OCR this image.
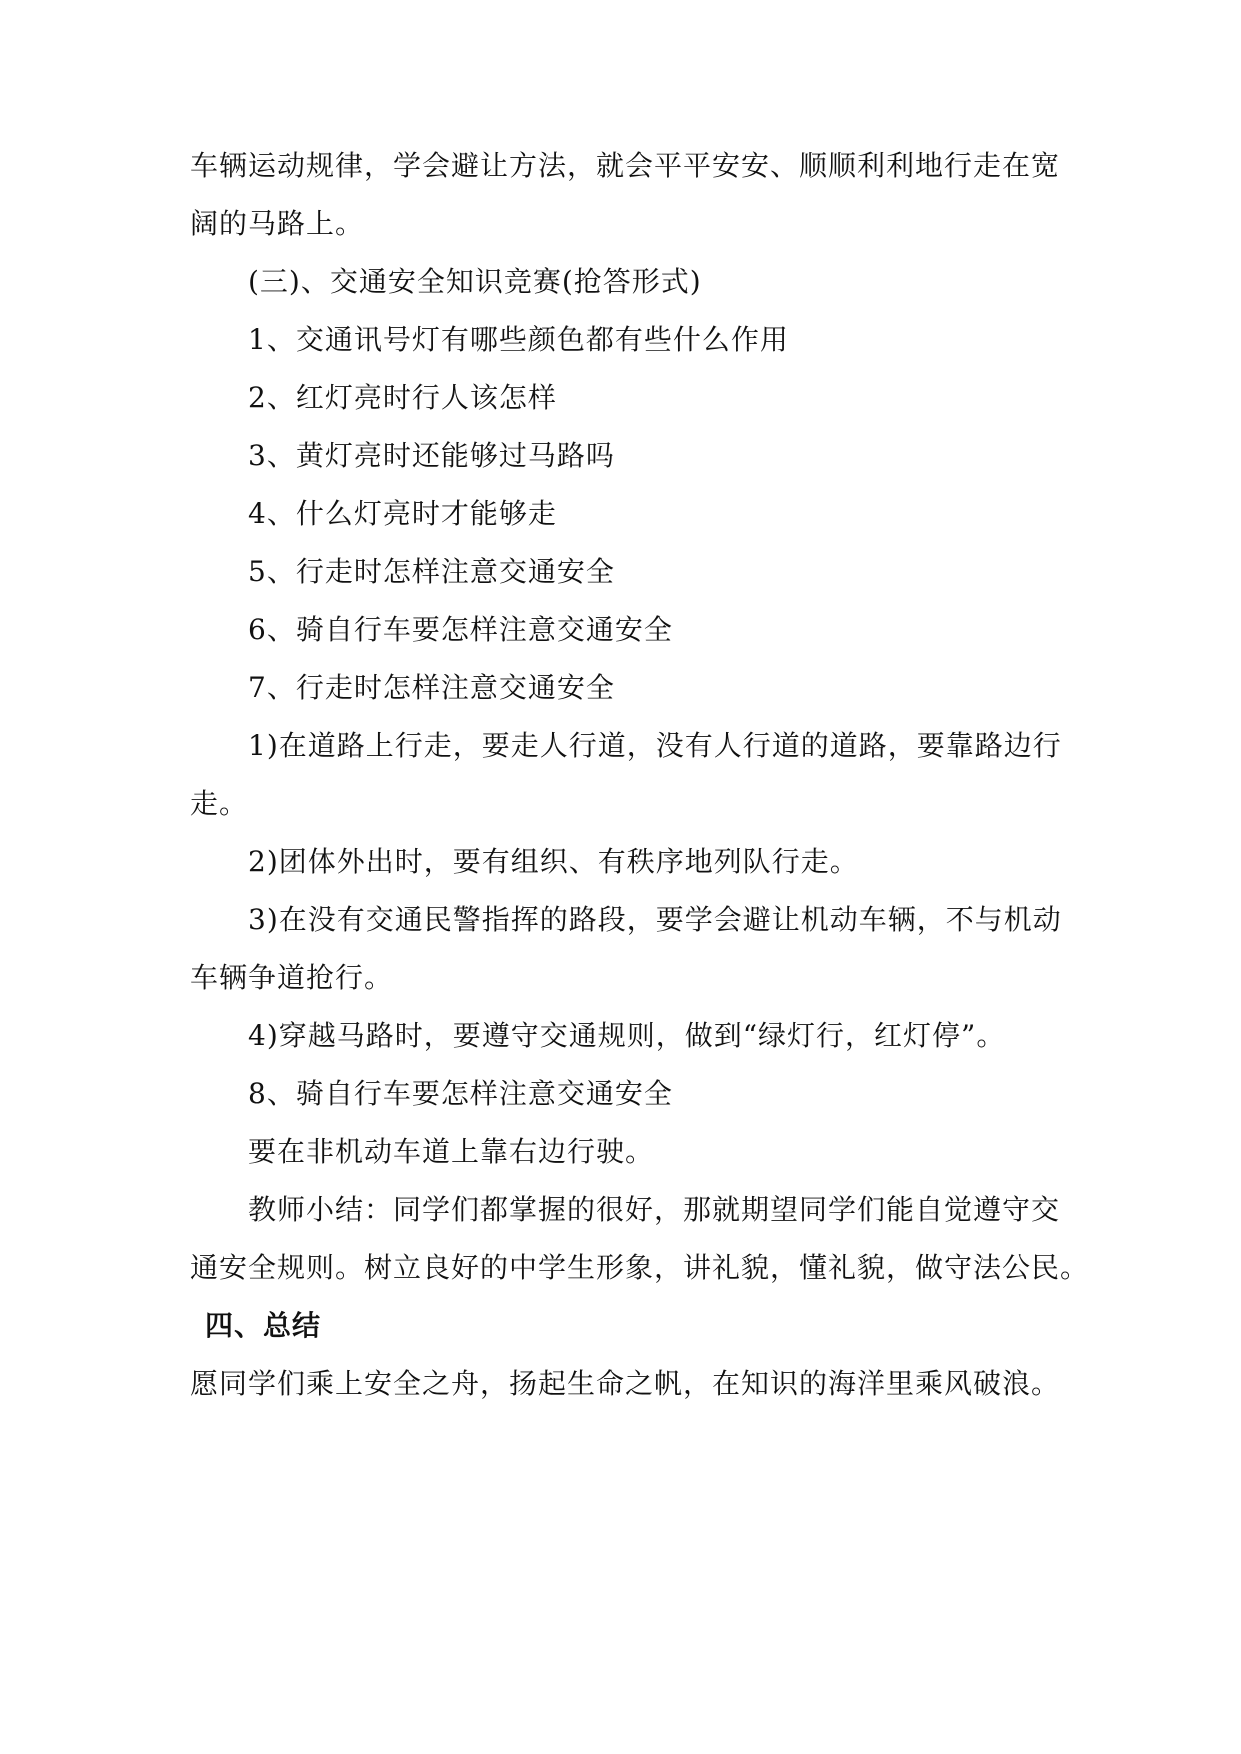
车辆运动规律，学会避让方法，就会平平安安、顺顺利利地行走在宽
阔的马路上。
(三)、交通安全知识竞赛(抢答形式)
1、交通讯号灯有哪些颜色都有些什么作用
2、红灯亮时行人该怎样
3、黄灯亮时还能够过马路吗
4、什么灯亮时才能够走
5、行走时怎样注意交通安全
6、骑自行车要怎样注意交通安全
7、行走时怎样注意交通安全
1)在道路上行走，要走人行道，没有人行道的道路，要靠路边行
走。
2)团体外出时，要有组织、有秩序地列队行走。
3)在没有交通民警指挥的路段，要学会避让机动车辆，不与机动
车辆争道抢行。
4)穿越马路时，要遵守交通规则，做到“绿灯行，红灯停”。
8、骑自行车要怎样注意交通安全
要在非机动车道上靠右边行驶。
教师小结：同学们都掌握的很好，那就期望同学们能自觉遵守交
通安全规则。树立良好的中学生形象，讲礼貌，懂礼貌，做守法公民。
四、总结
愿同学们乘上安全之舟，扬起生命之帆，在知识的海洋里乘风破浪。
